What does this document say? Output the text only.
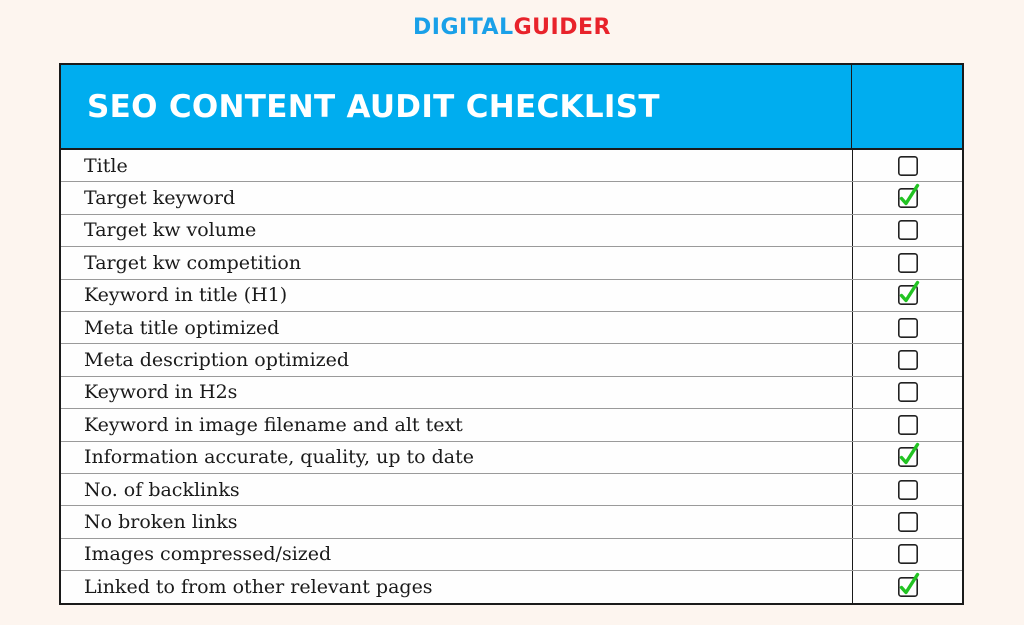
DIGITALGUIDER
SEO CONTENT AUDIT CHECKLIST
Title
Target keyword
Target kw volume
Target kw competition
Keyword in title (H1)
Meta title optimized
Meta description optimized
Keyword in H2s
Keyword in image filename and alt text
Information accurate, quality, up to date
No. of backlinks
No broken links
Images compressed/sized
Linked to from other relevant pages
